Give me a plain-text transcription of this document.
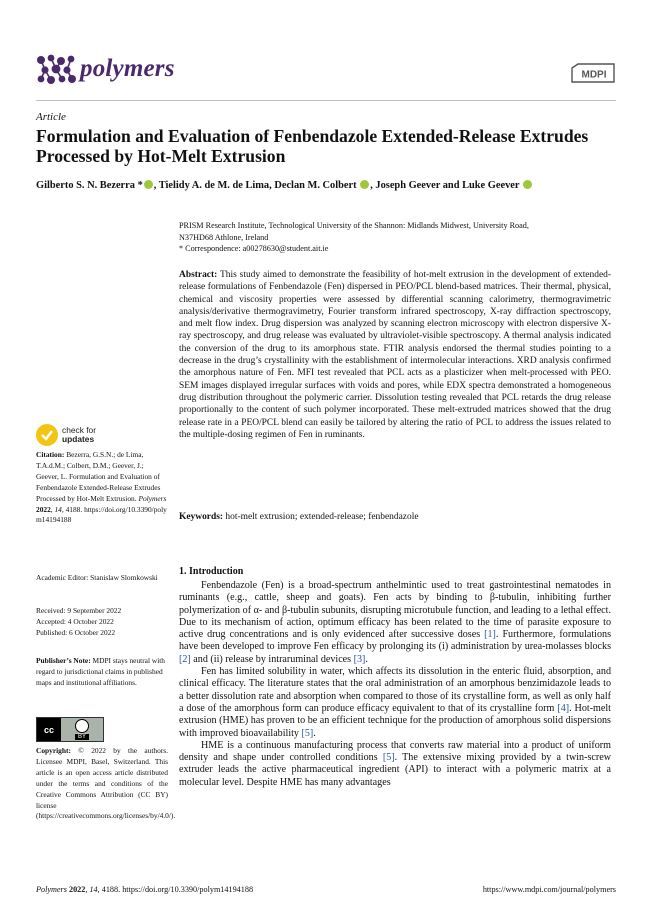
polymers	MDPI
Article
Formulation and Evaluation of Fenbendazole Extended-Release Extrudes Processed by Hot-Melt Extrusion
Gilberto S. N. Bezerra * , Tielidy A. de M. de Lima, Declan M. Colbert , Joseph Geever and Luke Geever
PRISM Research Institute, Technological University of the Shannon: Midlands Midwest, University Road,
N37HD68 Athlone, Ireland
* Correspondence: a00278630@student.ait.ie
Abstract: This study aimed to demonstrate the feasibility of hot-melt extrusion in the development of extended-release formulations of Fenbendazole (Fen) dispersed in PEO/PCL blend-based matrices. Their thermal, physical, chemical and viscosity properties were assessed by differential scanning calorimetry, thermogravimetric analysis/derivative thermogravimetry, Fourier transform infrared spectroscopy, X-ray diffraction spectroscopy, and melt flow index. Drug dispersion was analyzed by scanning electron microscopy with electron dispersive X-ray spectroscopy, and drug release was evaluated by ultraviolet-visible spectroscopy. A thermal analysis indicated the conversion of the drug to its amorphous state. FTIR analysis endorsed the thermal studies pointing to a decrease in the drug’s crystallinity with the establishment of intermolecular interactions. XRD analysis confirmed the amorphous nature of Fen. MFI test revealed that PCL acts as a plasticizer when melt-processed with PEO. SEM images displayed irregular surfaces with voids and pores, while EDX spectra demonstrated a homogeneous drug distribution throughout the polymeric carrier. Dissolution testing revealed that PCL retards the drug release proportionally to the content of such polymer incorporated. These melt-extruded matrices showed that the drug release rate in a PEO/PCL blend can easily be tailored by altering the ratio of PCL to address the issues related to the multiple-dosing regimen of Fen in ruminants.
Keywords: hot-melt extrusion; extended-release; fenbendazole
1. Introduction

Fenbendazole (Fen) is a broad-spectrum anthelmintic used to treat gastrointestinal nematodes in ruminants (e.g., cattle, sheep and goats). Fen acts by binding to β-tubulin, inhibiting further polymerization of α- and β-tubulin subunits, disrupting microtubule function, and leading to a lethal effect. Due to its mechanism of action, optimum efficacy has been related to the time of parasite exposure to active drug concentrations and is only evidenced after successive doses [1]. Furthermore, formulations have been developed to improve Fen efficacy by prolonging its (i) administration by urea-molasses blocks [2] and (ii) release by intraruminal devices [3].

Fen has limited solubility in water, which affects its dissolution in the enteric fluid, absorption, and clinical efficacy. The literature states that the oral administration of an amorphous benzimidazole leads to a better dissolution rate and absorption when compared to those of its crystalline form, as well as only half a dose of the amorphous form can produce efficacy equivalent to that of its crystalline form [4]. Hot-melt extrusion (HME) has proven to be an efficient technique for the production of amorphous solid dispersions with improved bioavailability [5].

HME is a continuous manufacturing process that converts raw material into a product of uniform density and shape under controlled conditions [5]. The extensive mixing provided by a twin-screw extruder leads the active pharmaceutical ingredient (API) to interact with a polymeric matrix at a molecular level. Despite HME has many advantages

check for
updates
Citation: Bezerra, G.S.N.; de Lima, T.A.d.M.; Colbert, D.M.; Geever, J.; Geever, L. Formulation and Evaluation of Fenbendazole Extended-Release Extrudes Processed by Hot-Melt Extrusion. Polymers 2022, 14, 4188. https://doi.org/10.3390/polym14194188
Academic Editor: Stanislaw Slomkowski
Received: 9 September 2022
Accepted: 4 October 2022
Published: 6 October 2022
Publisher’s Note: MDPI stays neutral with regard to jurisdictional claims in published maps and institutional affiliations.
cc
BY
Copyright: © 2022 by the authors. Licensee MDPI, Basel, Switzerland. This article is an open access article distributed under the terms and conditions of the Creative Commons Attribution (CC BY) license (https://creativecommons.org/licenses/by/4.0/).
Polymers 2022, 14, 4188. https://doi.org/10.3390/polym14194188	https://www.mdpi.com/journal/polymers
